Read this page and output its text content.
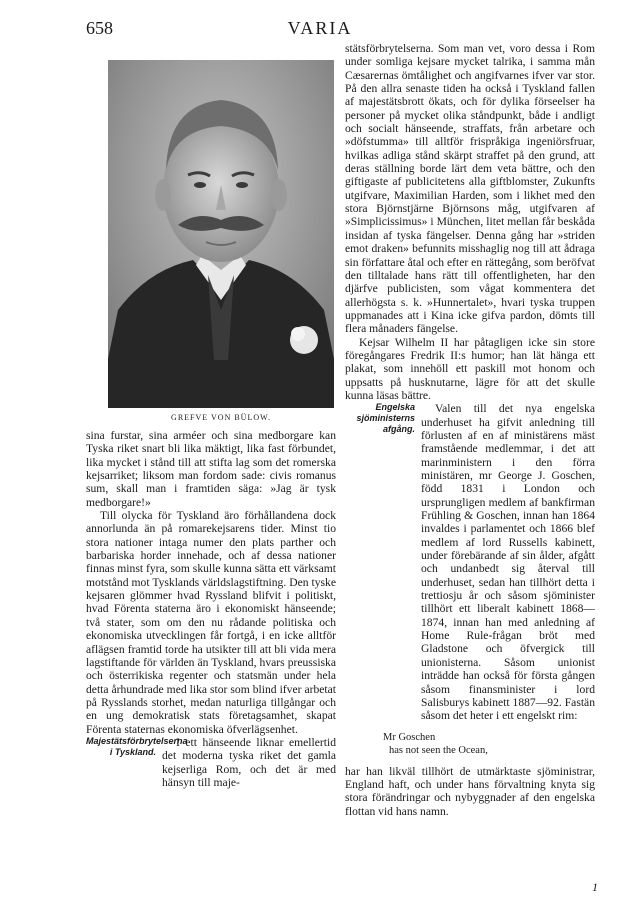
658	VARIA
GREFVE VON BÜLOW.

sina furstar, sina arméer och sina medborgare kan Tyska riket snart bli lika mäktigt, lika fast förbundet, lika mycket i stånd till att stifta lag som det romerska kejsarriket; liksom man fordom sade: civis romanus sum, skall man i framtiden säga: »Jag är tysk medborgare!»

Till olycka för Tyskland äro förhållandena dock annorlunda än på romarekejsarens tider. Minst tio stora nationer intaga numer den plats parther och barbariska horder innehade, och af dessa nationer finnas minst fyra, som skulle kunna sätta ett värksamt motstånd mot Tysklands världslagstiftning. Den tyske kejsaren glömmer hvad Ryssland blifvit i politiskt, hvad Förenta staterna äro i ekonomiskt hänseende; två stater, som om den nu rådande politiska och ekonomiska utvecklingen får fortgå, i en icke alltför aflägsen framtid torde ha utsikter till att bli vida mera lagstiftande för världen än Tyskland, hvars preussiska och österrikiska regenter och statsmän under hela detta århundrade med lika stor som blind ifver arbetat på Rysslands storhet, medan naturliga tillgångar och en ung demokratisk stats företagsamhet, skapat Förenta staternas ekonomiska öfverlägsenhet.

Majestätsförbrytelserna i Tyskland.

I ett hänseende liknar emellertid det moderna tyska riket det gamla kejserliga Rom, och det är med hänsyn till maje-

stätsförbrytelserna. Som man vet, voro dessa i Rom under somliga kejsare mycket talrika, i samma mån Cæsarernas ömtålighet och angifvarnes ifver var stor. På den allra senaste tiden ha också i Tyskland fallen af majestätsbrott ökats, och för dylika förseelser ha personer på mycket olika ståndpunkt, både i andligt och socialt hänseende, straffats, från arbetare och »döfstumma» till alltför frispråkiga ingeniörsfruar, hvilkas adliga stånd skärpt straffet på den grund, att deras ställning borde lärt dem veta bättre, och den giftigaste af publicitetens alla giftblomster, Zukunfts utgifvare, Maximilian Harden, som i likhet med den stora Björnstjärne Björnsons måg, utgifvaren af »Simplicissimus» i München, litet mellan får beskåda insidan af tyska fängelser. Denna gång har »striden emot draken» befunnits misshaglig nog till att ådraga sin författare åtal och efter en rättegång, som beröfvat den tilltalade hans rätt till offentligheten, har den djärfve publicisten, som vågat kommentera det allerhögsta s. k. »Hunnertalet», hvari tyska truppen uppmanades att i Kina icke gifva pardon, dömts till flera månaders fängelse.

Kejsar Wilhelm II har påtagligen icke sin store föregångares Fredrik II:s humor; han lät hänga ett plakat, som innehöll ett paskill mot honom och uppsatts på husknutarne, lägre för att det skulle kunna läsas bättre.

Engelska sjöministerns afgång.

Valen till det nya engelska underhuset ha gifvit anledning till förlusten af en af ministärens mäst framstående medlemmar, i det att marinministern i den förra ministären, mr George J. Goschen, född 1831 i London och ursprungligen medlem af bankfirman Frühling & Goschen, innan han 1864 invaldes i parlamentet och 1866 blef medlem af lord Russells kabinett, under förebärande af sin ålder, afgått och undanbedt sig återval till underhuset, sedan han tillhört detta i trettiosju år och såsom sjöminister tillhört ett liberalt kabinett 1868—1874, innan han med anledning af Home Rule-frågan bröt med Gladstone och öfvergick till unionisterna. Såsom unionist inträdde han också för första gången såsom finansminister i lord Salisburys kabinett 1887—92. Fastän såsom det heter i ett engelskt rim:

Mr Goschen
has not seen the Ocean,

har han likväl tillhört de utmärktaste sjöministrar, England haft, och under hans förvaltning knyta sig stora förändringar och nybyggnader af den engelska flottan vid hans namn.

1
